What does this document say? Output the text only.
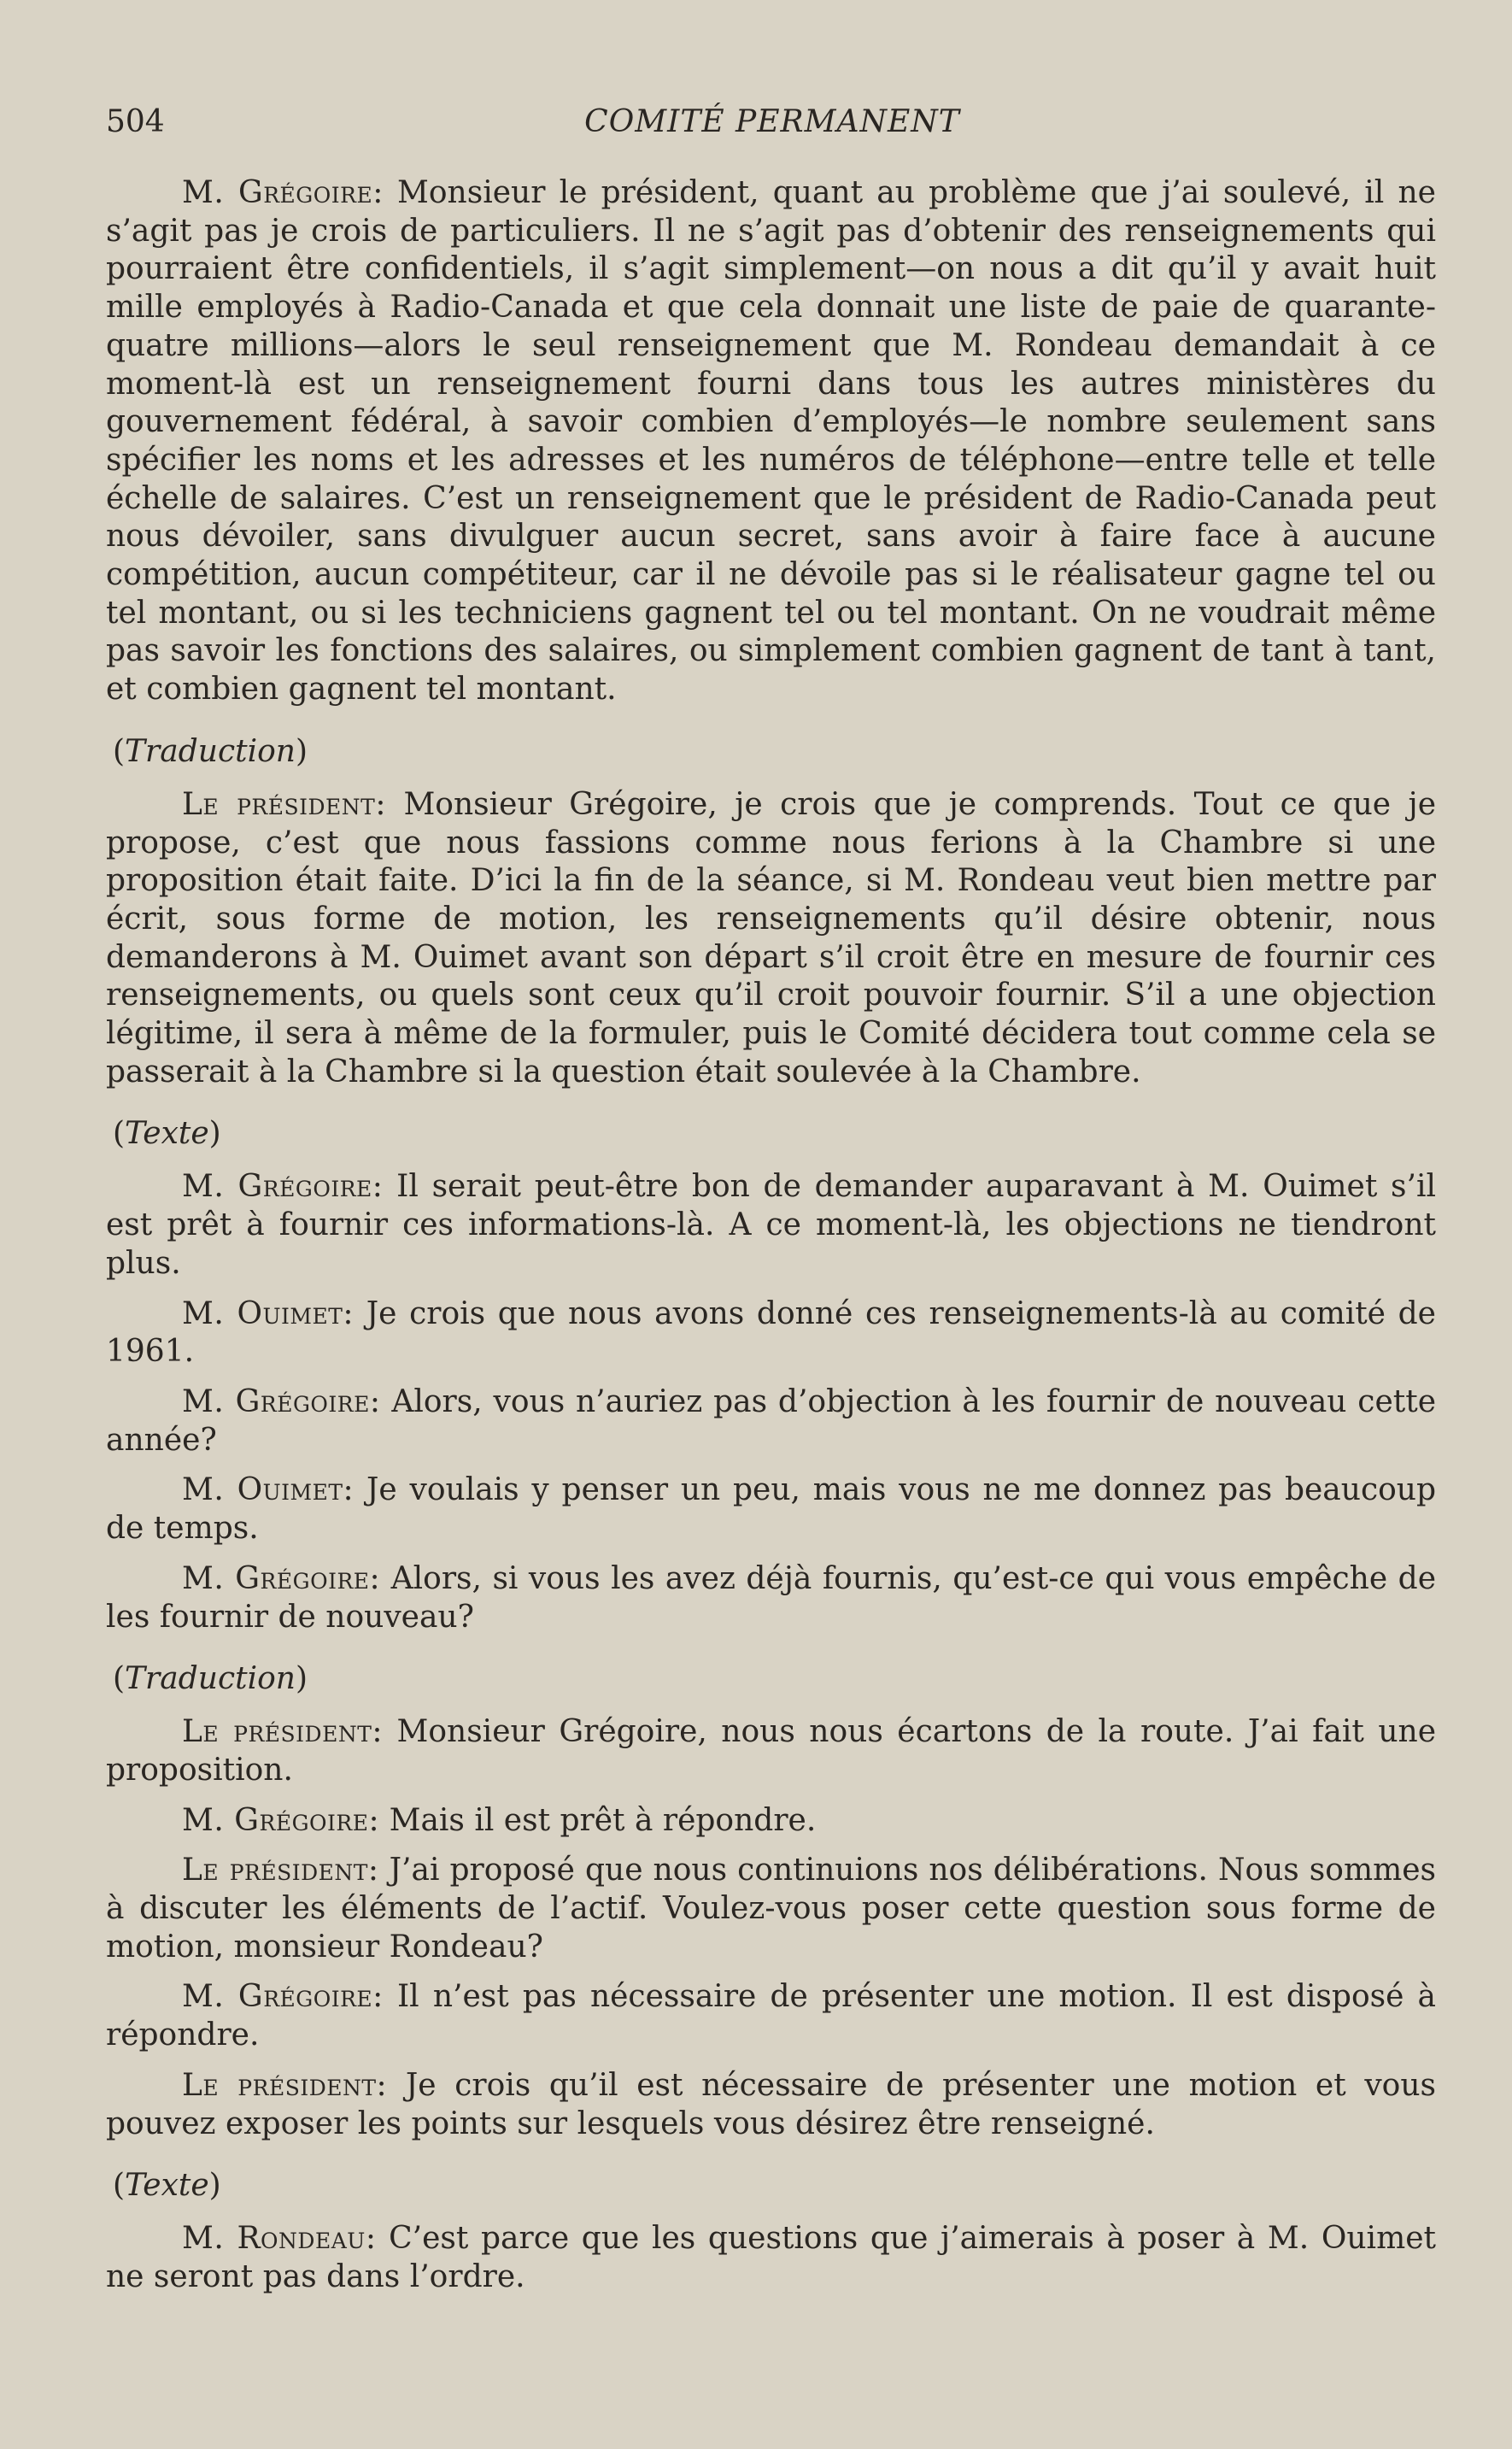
504	COMITÉ PERMANENT

M. Grégoire: Monsieur le président, quant au problème que j’ai soulevé, il ne s’agit pas je crois de particuliers. Il ne s’agit pas d’obtenir des renseignements qui pourraient être confidentiels, il s’agit simplement—on nous a dit qu’il y avait huit mille employés à Radio-Canada et que cela donnait une liste de paie de quarante-quatre millions—alors le seul renseignement que M. Rondeau demandait à ce moment-là est un renseignement fourni dans tous les autres ministères du gouvernement fédéral, à savoir combien d’employés—le nombre seulement sans spécifier les noms et les adresses et les numéros de téléphone—entre telle et telle échelle de salaires. C’est un renseignement que le président de Radio-Canada peut nous dévoiler, sans divulguer aucun secret, sans avoir à faire face à aucune compétition, aucun compétiteur, car il ne dévoile pas si le réalisateur gagne tel ou tel montant, ou si les techniciens gagnent tel ou tel montant. On ne voudrait même pas savoir les fonctions des salaires, ou simplement combien gagnent de tant à tant, et combien gagnent tel montant.

(Traduction)

Le président: Monsieur Grégoire, je crois que je comprends. Tout ce que je propose, c’est que nous fassions comme nous ferions à la Chambre si une proposition était faite. D’ici la fin de la séance, si M. Rondeau veut bien mettre par écrit, sous forme de motion, les renseignements qu’il désire obtenir, nous demanderons à M. Ouimet avant son départ s’il croit être en mesure de fournir ces renseignements, ou quels sont ceux qu’il croit pouvoir fournir. S’il a une objection légitime, il sera à même de la formuler, puis le Comité décidera tout comme cela se passerait à la Chambre si la question était soulevée à la Chambre.

(Texte)

M. Grégoire: Il serait peut-être bon de demander auparavant à M. Ouimet s’il est prêt à fournir ces informations-là. A ce moment-là, les objections ne tiendront plus.

M. Ouimet: Je crois que nous avons donné ces renseignements-là au comité de 1961.

M. Grégoire: Alors, vous n’auriez pas d’objection à les fournir de nouveau cette année?

M. Ouimet: Je voulais y penser un peu, mais vous ne me donnez pas beaucoup de temps.

M. Grégoire: Alors, si vous les avez déjà fournis, qu’est-ce qui vous empêche de les fournir de nouveau?

(Traduction)

Le président: Monsieur Grégoire, nous nous écartons de la route. J’ai fait une proposition.

M. Grégoire: Mais il est prêt à répondre.

Le président: J’ai proposé que nous continuions nos délibérations. Nous sommes à discuter les éléments de l’actif. Voulez-vous poser cette question sous forme de motion, monsieur Rondeau?

M. Grégoire: Il n’est pas nécessaire de présenter une motion. Il est disposé à répondre.

Le président: Je crois qu’il est nécessaire de présenter une motion et vous pouvez exposer les points sur lesquels vous désirez être renseigné.

(Texte)

M. Rondeau: C’est parce que les questions que j’aimerais à poser à M. Ouimet ne seront pas dans l’ordre.
